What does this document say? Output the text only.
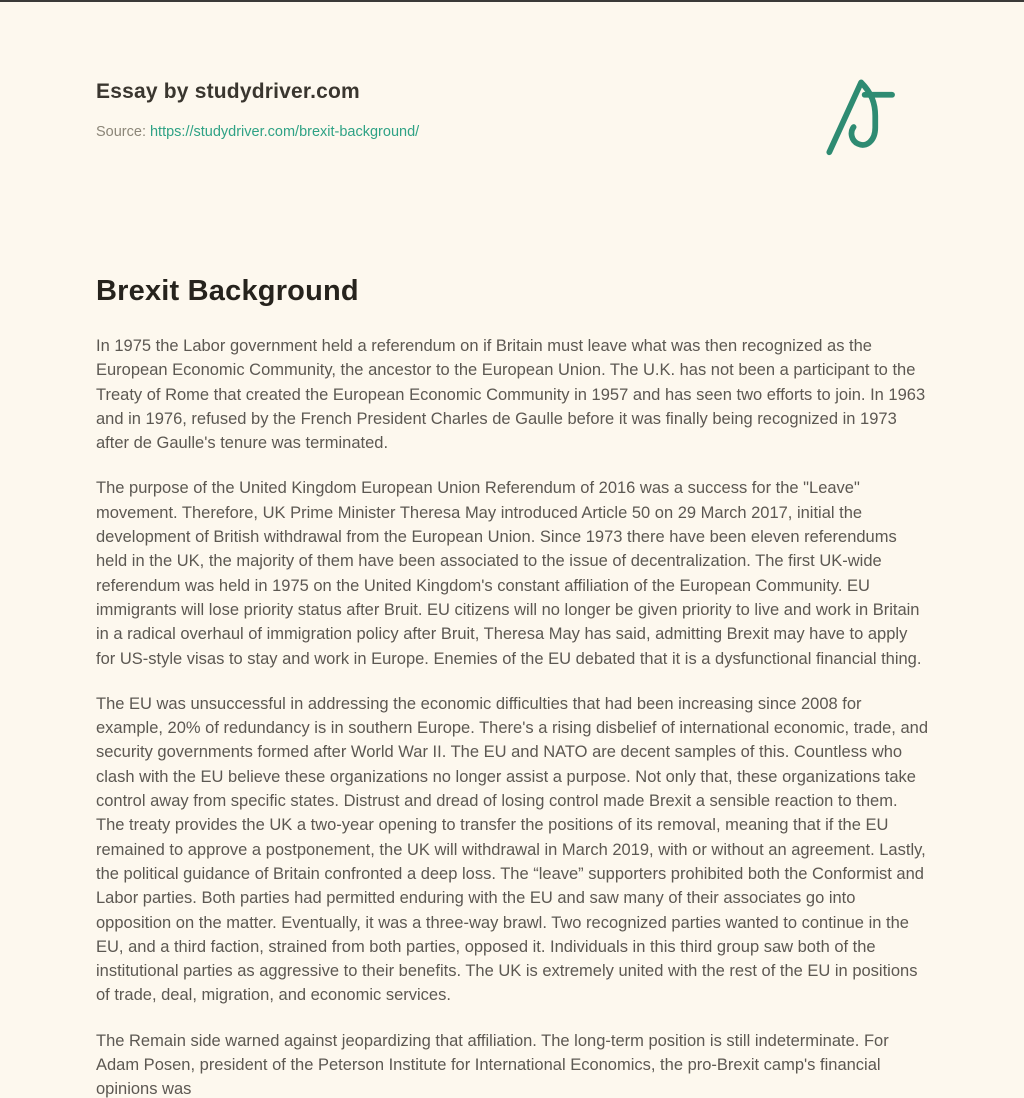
Essay by studydriver.com

Source: https://studydriver.com/brexit-background/

Brexit Background

In 1975 the Labor government held a referendum on if Britain must leave what was then recognized as the European Economic Community, the ancestor to the European Union. The U.K. has not been a participant to the Treaty of Rome that created the European Economic Community in 1957 and has seen two efforts to join. In 1963 and in 1976, refused by the French President Charles de Gaulle before it was finally being recognized in 1973 after de Gaulle's tenure was terminated.

The purpose of the United Kingdom European Union Referendum of 2016 was a success for the "Leave" movement. Therefore, UK Prime Minister Theresa May introduced Article 50 on 29 March 2017, initial the development of British withdrawal from the European Union. Since 1973 there have been eleven referendums held in the UK, the majority of them have been associated to the issue of decentralization. The first UK-wide referendum was held in 1975 on the United Kingdom's constant affiliation of the European Community. EU immigrants will lose priority status after Bruit. EU citizens will no longer be given priority to live and work in Britain in a radical overhaul of immigration policy after Bruit, Theresa May has said, admitting Brexit may have to apply for US-style visas to stay and work in Europe. Enemies of the EU debated that it is a dysfunctional financial thing.

The EU was unsuccessful in addressing the economic difficulties that had been increasing since 2008 for example, 20% of redundancy is in southern Europe. There's a rising disbelief of international economic, trade, and security governments formed after World War II. The EU and NATO are decent samples of this. Countless who clash with the EU believe these organizations no longer assist a purpose. Not only that, these organizations take control away from specific states. Distrust and dread of losing control made Brexit a sensible reaction to them. The treaty provides the UK a two-year opening to transfer the positions of its removal, meaning that if the EU remained to approve a postponement, the UK will withdrawal in March 2019, with or without an agreement. Lastly, the political guidance of Britain confronted a deep loss. The “leave” supporters prohibited both the Conformist and Labor parties. Both parties had permitted enduring with the EU and saw many of their associates go into opposition on the matter. Eventually, it was a three-way brawl. Two recognized parties wanted to continue in the EU, and a third faction, strained from both parties, opposed it. Individuals in this third group saw both of the institutional parties as aggressive to their benefits. The UK is extremely united with the rest of the EU in positions of trade, deal, migration, and economic services.

The Remain side warned against jeopardizing that affiliation. The long-term position is still indeterminate. For Adam Posen, president of the Peterson Institute for International Economics, the pro-Brexit camp's financial opinions was
